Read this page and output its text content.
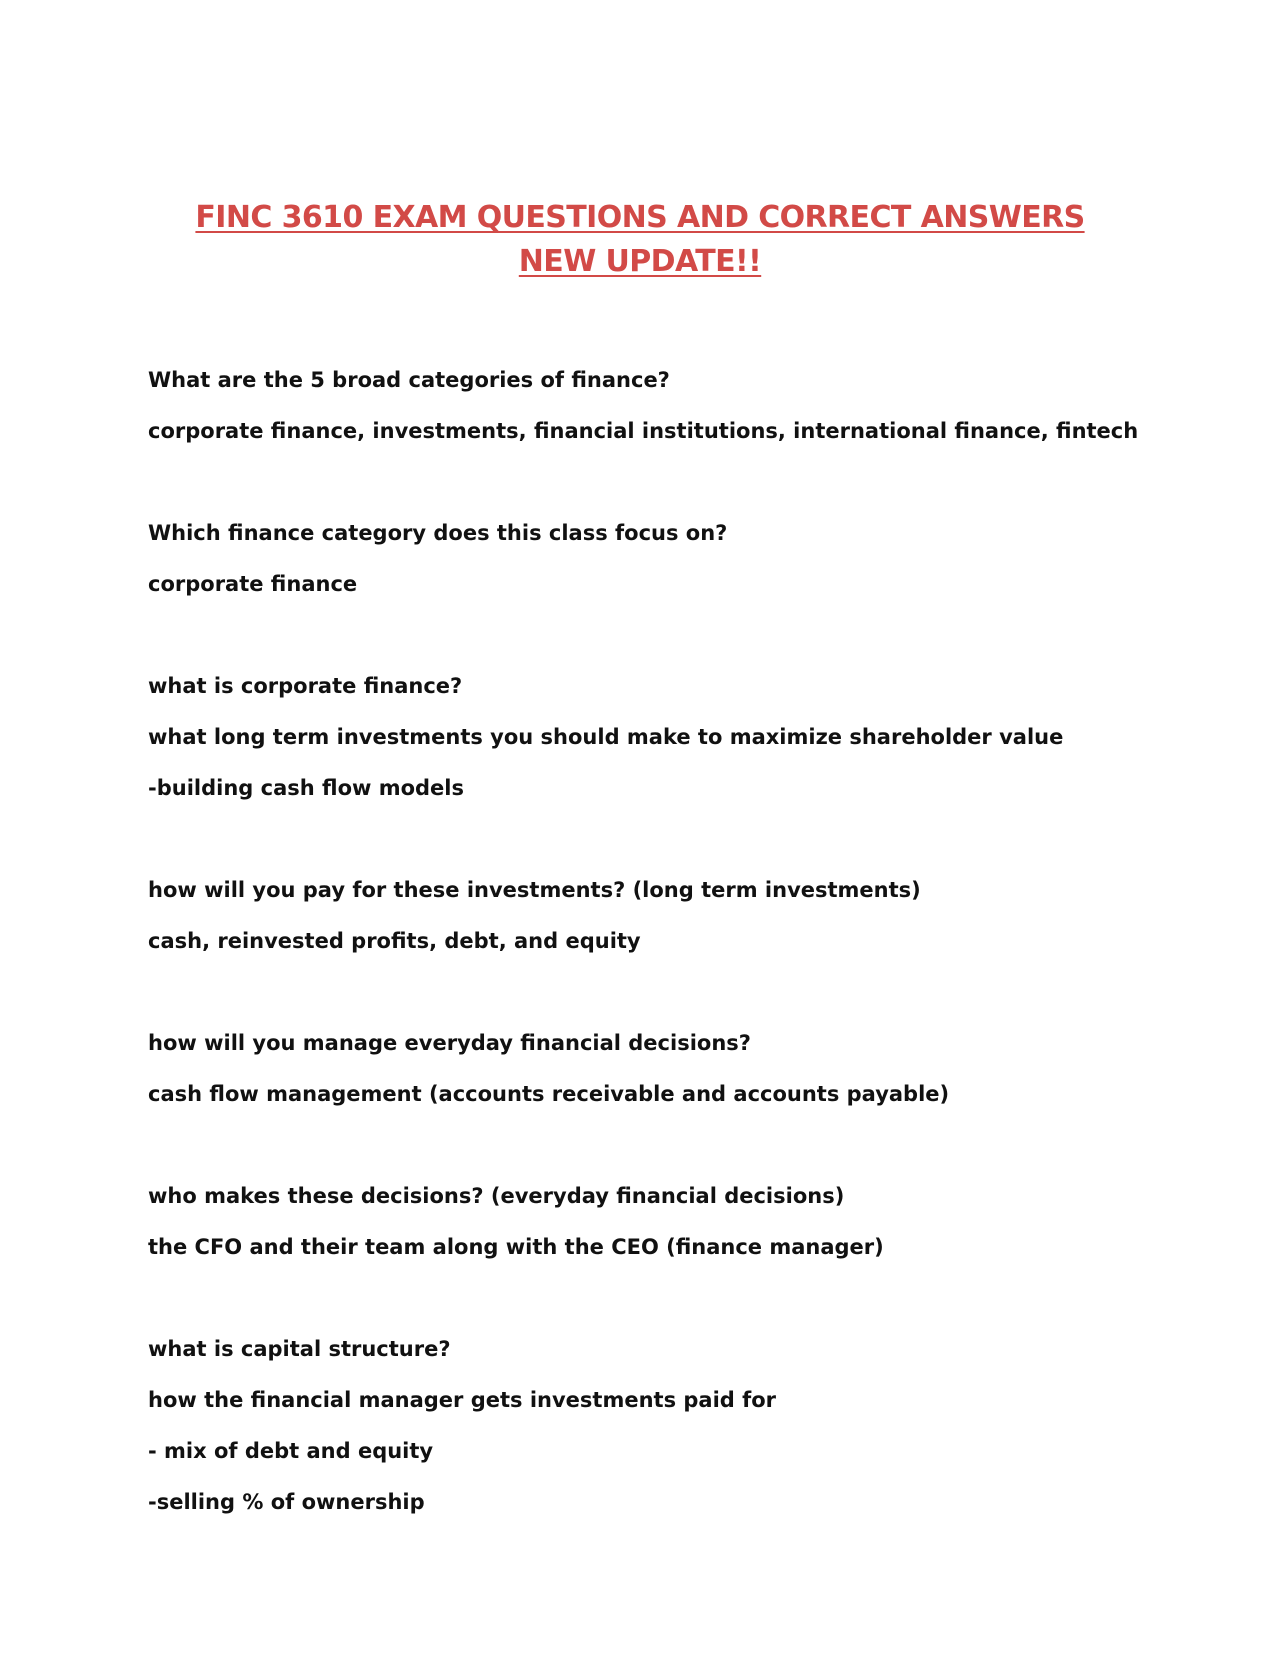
FINC 3610 EXAM QUESTIONS AND CORRECT ANSWERS
NEW UPDATE!!
What are the 5 broad categories of finance?
corporate finance, investments, financial institutions, international finance, fintech
Which finance category does this class focus on?
corporate finance
what is corporate finance?
what long term investments you should make to maximize shareholder value
-building cash flow models
how will you pay for these investments? (long term investments)
cash, reinvested profits, debt, and equity
how will you manage everyday financial decisions?
cash flow management (accounts receivable and accounts payable)
who makes these decisions? (everyday financial decisions)
the CFO and their team along with the CEO (finance manager)
what is capital structure?
how the financial manager gets investments paid for
- mix of debt and equity
-selling % of ownership
